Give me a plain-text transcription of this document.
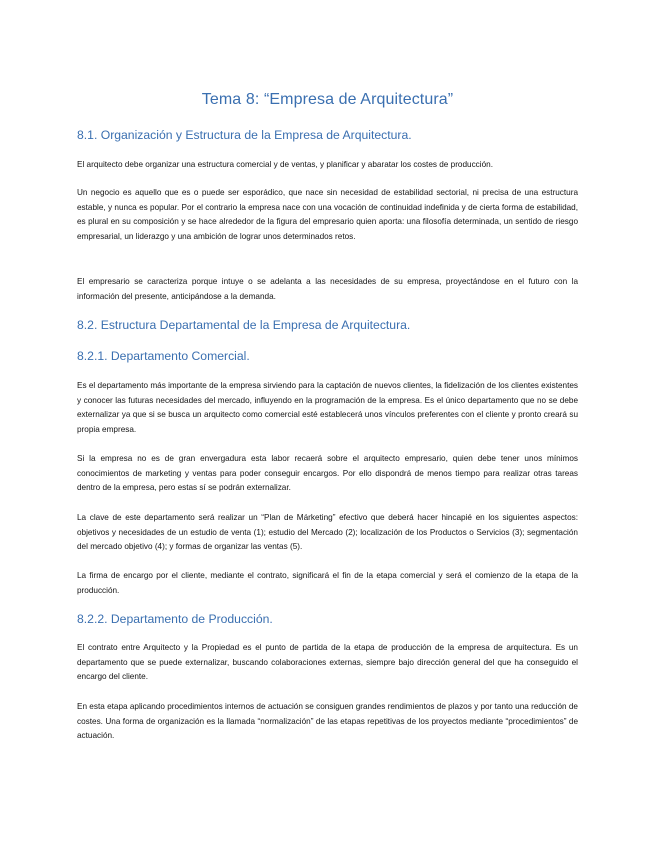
Tema 8: “Empresa de Arquitectura”
8.1. Organización y Estructura de la Empresa de Arquitectura.

El arquitecto debe organizar una estructura comercial y de ventas, y planificar y abaratar los costes de producción.

Un negocio es aquello que es o puede ser esporádico, que nace sin necesidad de estabilidad sectorial, ni precisa de una estructura estable, y nunca es popular. Por el contrario la empresa nace con una vocación de continuidad indefinida y de cierta forma de estabilidad, es plural en su composición y se hace alrededor de la figura del empresario quien aporta: una filosofía determinada, un sentido de riesgo empresarial, un liderazgo y una ambición de lograr unos determinados retos.

El empresario se caracteriza porque intuye o se adelanta a las necesidades de su empresa, proyectándose en el futuro con la información del presente, anticipándose a la demanda.

8.2. Estructura Departamental de la Empresa de Arquitectura.
8.2.1. Departamento Comercial.

Es el departamento más importante de la empresa sirviendo para la captación de nuevos clientes, la fidelización de los clientes existentes y conocer las futuras necesidades del mercado, influyendo en la programación de la empresa. Es el único departamento que no se debe externalizar ya que si se busca un arquitecto como comercial esté establecerá unos vínculos preferentes con el cliente y pronto creará su propia empresa.

Si la empresa no es de gran envergadura esta labor recaerá sobre el arquitecto empresario, quien debe tener unos mínimos conocimientos de marketing y ventas para poder conseguir encargos. Por ello dispondrá de menos tiempo para realizar otras tareas dentro de la empresa, pero estas sí se podrán externalizar.

La clave de este departamento será realizar un “Plan de Márketing” efectivo que deberá hacer hincapié en los siguientes aspectos: objetivos y necesidades de un estudio de venta (1); estudio del Mercado (2); localización de los Productos o Servicios (3); segmentación del mercado objetivo (4); y formas de organizar las ventas (5).

La firma de encargo por el cliente, mediante el contrato, significará el fin de la etapa comercial y será el comienzo de la etapa de la producción.

8.2.2. Departamento de Producción.

El contrato entre Arquitecto y la Propiedad es el punto de partida de la etapa de producción de la empresa de arquitectura. Es un departamento que se puede externalizar, buscando colaboraciones externas, siempre bajo dirección general del que ha conseguido el encargo del cliente.

En esta etapa aplicando procedimientos internos de actuación se consiguen grandes rendimientos de plazos y por tanto una reducción de costes. Una forma de organización es la llamada “normalización” de las etapas repetitivas de los proyectos mediante “procedimientos” de actuación.
